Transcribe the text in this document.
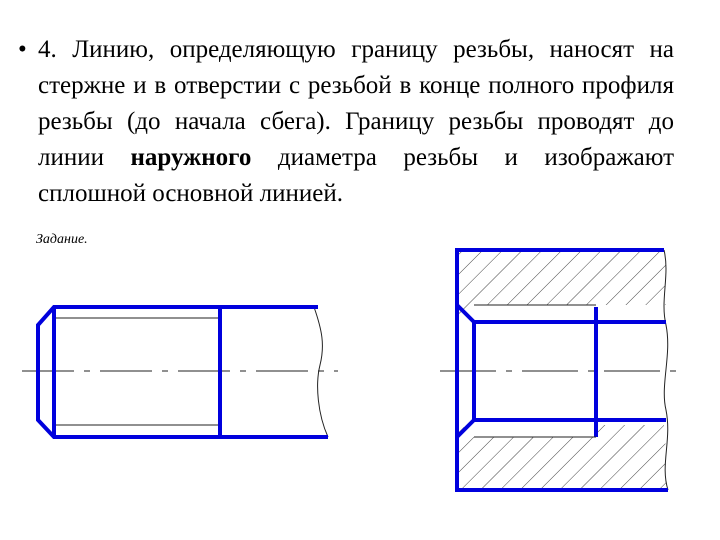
• 4. Линию, определяющую границу резьбы, наносят на стержне и в отверстии с резьбой в конце полного профиля резьбы (до начала сбега). Границу резьбы проводят до линии наружного диаметра резьбы и изображают сплошной основной линией.
Задание.
